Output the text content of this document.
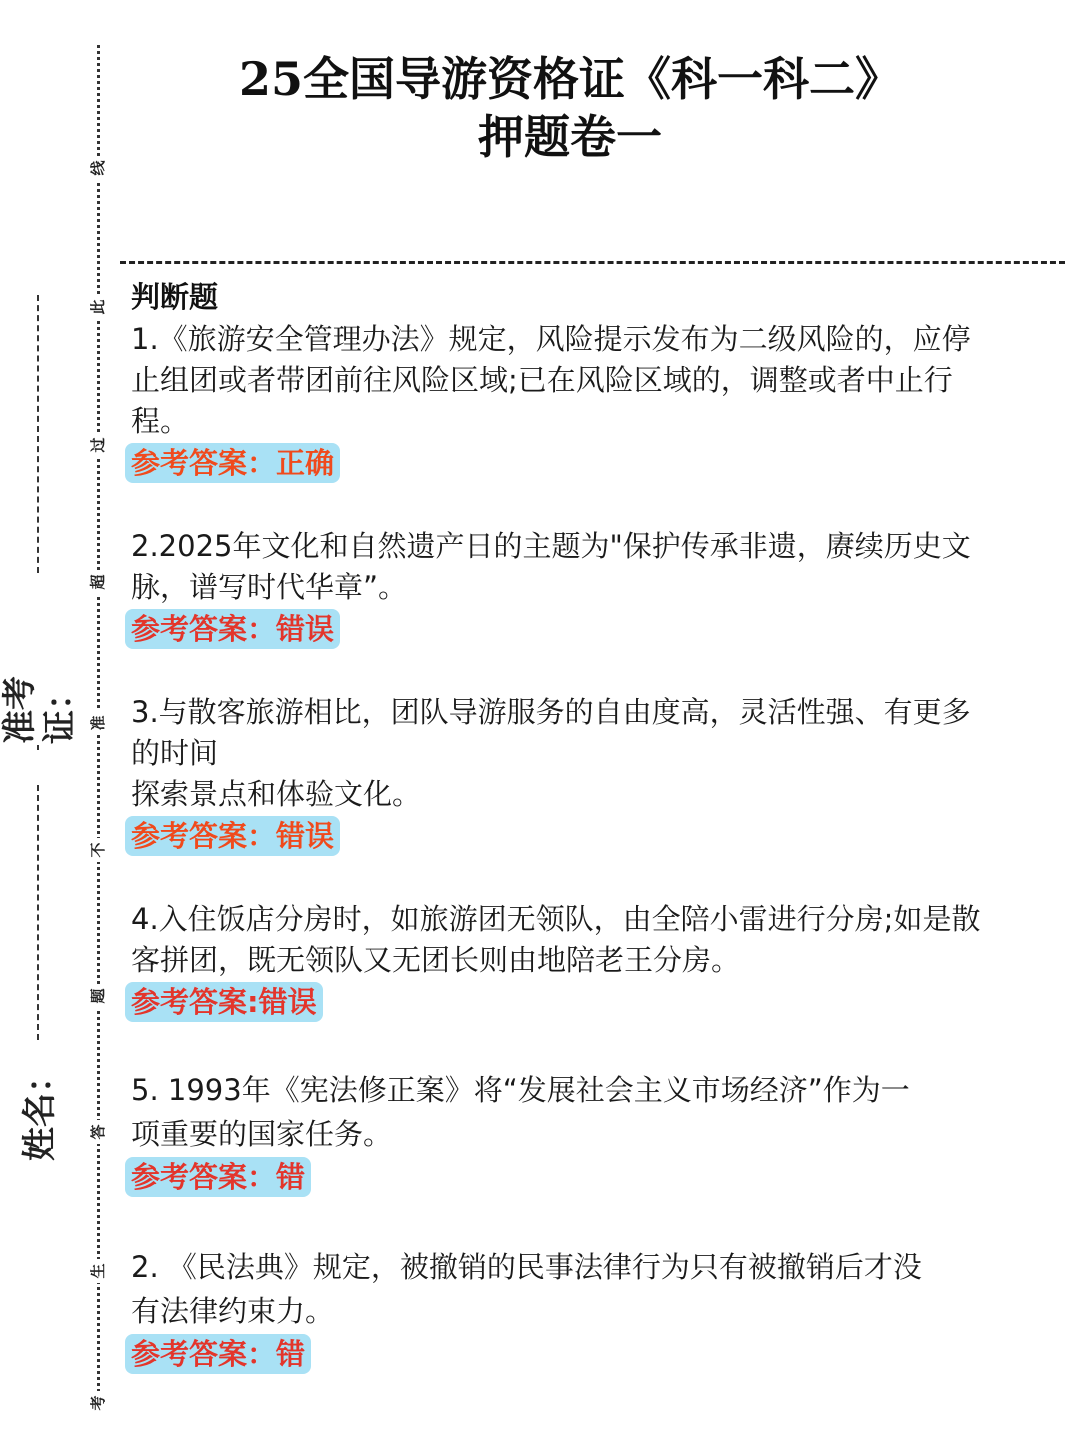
线
此
过
超
准
不
题
答
生
考
准考证：
姓名：
25全国导游资格证《科一科二》
押题卷一
判断题

1.《旅游安全管理办法》规定，风险提示发布为二级风险的，应停
止组团或者带团前往风险区域;已在风险区域的，调整或者中止行
程。

参考答案：正确

2.2025年文化和自然遗产日的主题为"保护传承非遗，赓续历史文
脉，谱写时代华章”。

参考答案：错误

3.与散客旅游相比，团队导游服务的自由度高，灵活性强、有更多
的时间
探索景点和体验文化。

参考答案：错误

4.入住饭店分房时，如旅游团无领队，由全陪小雷进行分房;如是散
客拼团，既无领队又无团长则由地陪老王分房。

参考答案:错误

5. 1993年《宪法修正案》将“发展社会主义市场经济”作为一
项重要的国家任务。

参考答案：错

2. 《民法典》规定，被撤销的民事法律行为只有被撤销后才没
有法律约束力。

参考答案：错
